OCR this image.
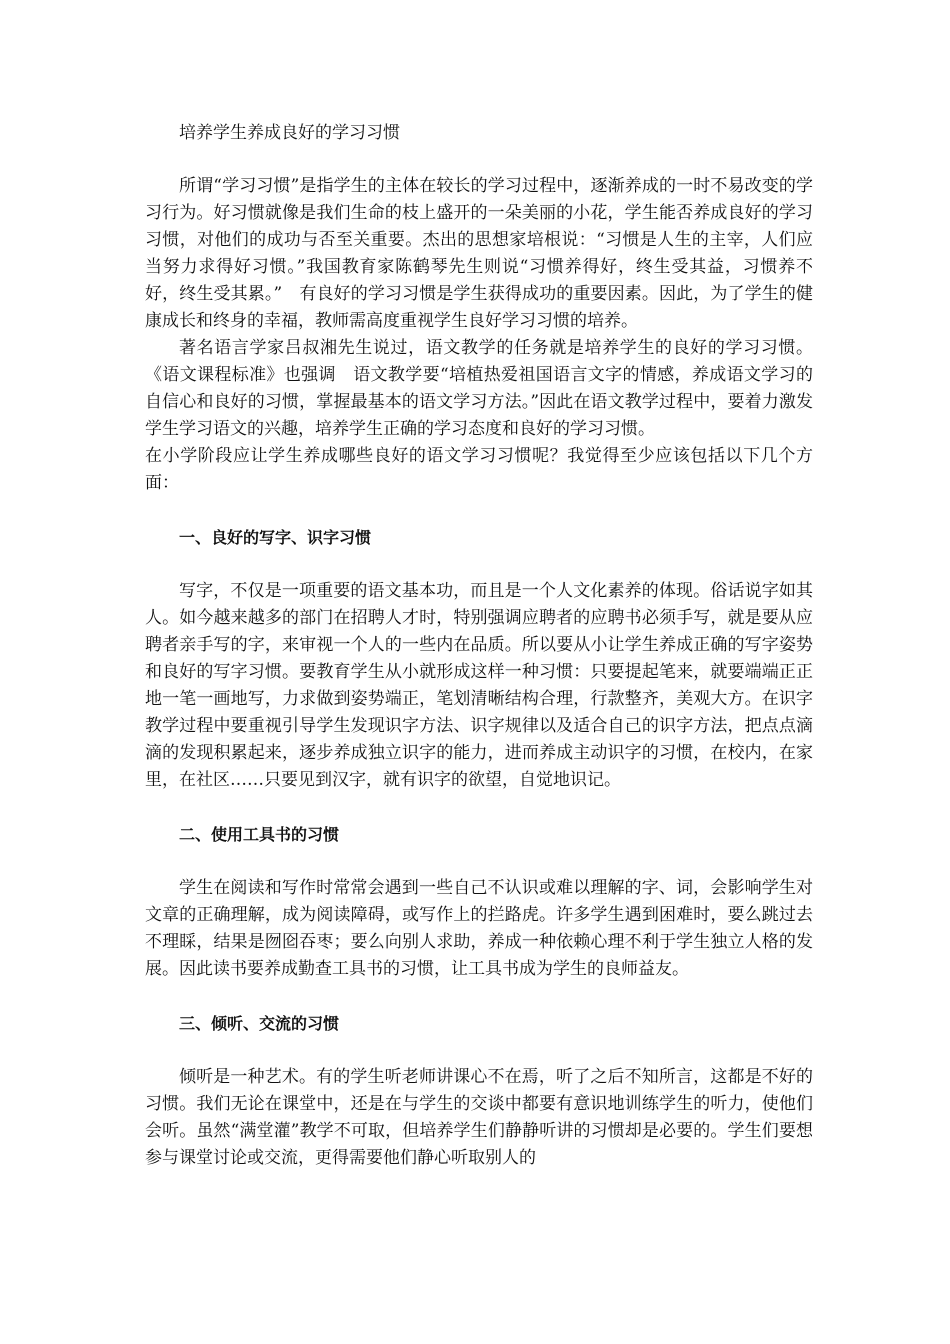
培养学生养成良好的学习习惯

所谓“学习习惯”是指学生的主体在较长的学习过程中，逐渐养成的一时不易改变的学习行为。好习惯就像是我们生命的枝上盛开的一朵美丽的小花，学生能否养成良好的学习习惯，对他们的成功与否至关重要。杰出的思想家培根说：“习惯是人生的主宰，人们应当努力求得好习惯。”我国教育家陈鹤琴先生则说“习惯养得好，终生受其益，习惯养不好，终生受其累。”　有良好的学习习惯是学生获得成功的重要因素。因此，为了学生的健康成长和终身的幸福，教师需高度重视学生良好学习习惯的培养。

著名语言学家吕叔湘先生说过，语文教学的任务就是培养学生的良好的学习习惯。《语文课程标准》也强调　语文教学要“培植热爱祖国语言文字的情感，养成语文学习的自信心和良好的习惯，掌握最基本的语文学习方法。”因此在语文教学过程中，要着力激发学生学习语文的兴趣，培养学生正确的学习态度和良好的学习习惯。

在小学阶段应让学生养成哪些良好的语文学习习惯呢？我觉得至少应该包括以下几个方面：

一、良好的写字、识字习惯

写字，不仅是一项重要的语文基本功，而且是一个人文化素养的体现。俗话说字如其人。如今越来越多的部门在招聘人才时，特别强调应聘者的应聘书必须手写，就是要从应聘者亲手写的字，来审视一个人的一些内在品质。所以要从小让学生养成正确的写字姿势和良好的写字习惯。要教育学生从小就形成这样一种习惯：只要提起笔来，就要端端正正地一笔一画地写，力求做到姿势端正，笔划清晰结构合理，行款整齐，美观大方。在识字教学过程中要重视引导学生发现识字方法、识字规律以及适合自己的识字方法，把点点滴滴的发现积累起来，逐步养成独立识字的能力，进而养成主动识字的习惯，在校内，在家里，在社区……只要见到汉字，就有识字的欲望，自觉地识记。

二、使用工具书的习惯

学生在阅读和写作时常常会遇到一些自己不认识或难以理解的字、词，会影响学生对文章的正确理解，成为阅读障碍，或写作上的拦路虎。许多学生遇到困难时，要么跳过去不理睬，结果是囫囵吞枣；要么向别人求助，养成一种依赖心理不利于学生独立人格的发展。因此读书要养成勤查工具书的习惯，让工具书成为学生的良师益友。

三、倾听、交流的习惯

倾听是一种艺术。有的学生听老师讲课心不在焉，听了之后不知所言，这都是不好的习惯。我们无论在课堂中，还是在与学生的交谈中都要有意识地训练学生的听力，使他们会听。虽然“满堂灌”教学不可取，但培养学生们静静听讲的习惯却是必要的。学生们要想参与课堂讨论或交流，更得需要他们静心听取别人的
